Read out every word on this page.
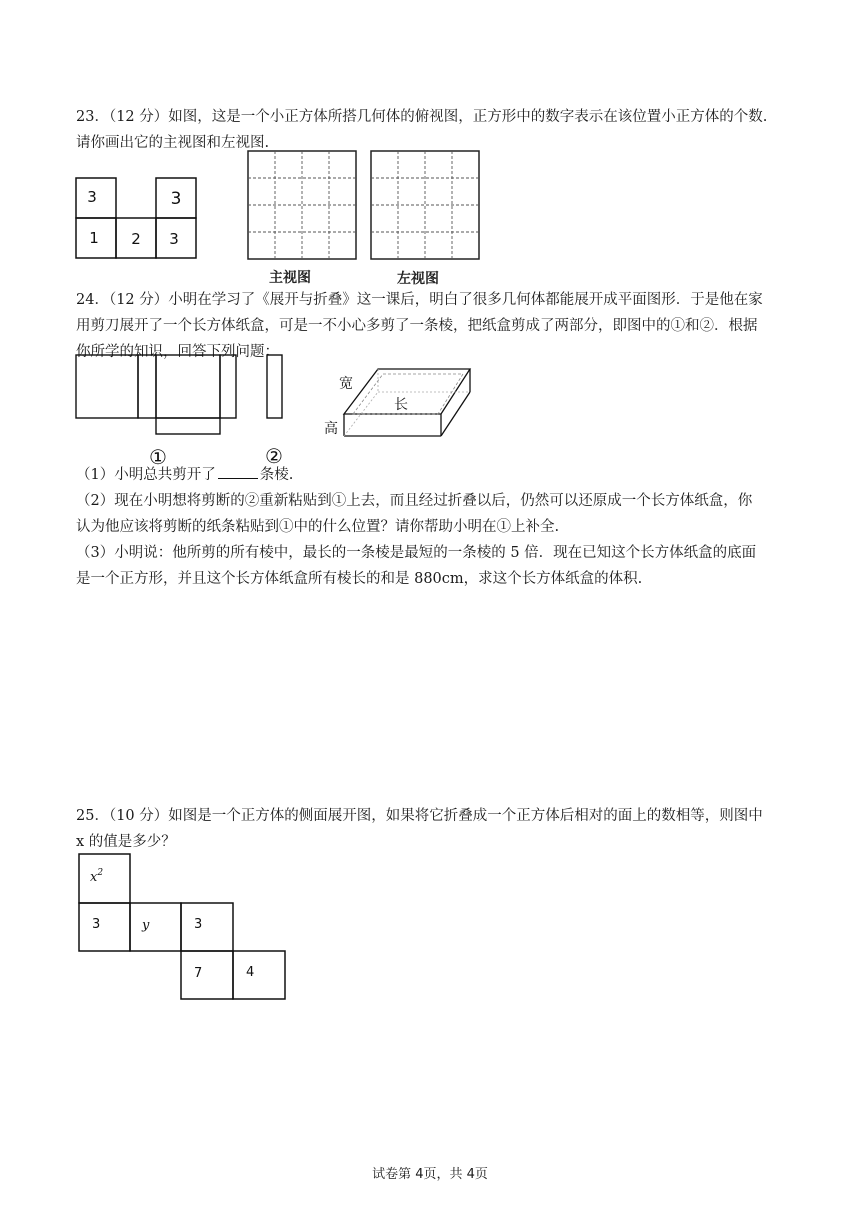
23．（12 分）如图，这是一个小正方体所搭几何体的俯视图，正方形中的数字表示在该位置小正方体的个数.
请你画出它的主视图和左视图.
3	3
1 2 3
主视图	左视图
24．（12 分）小明在学习了《展开与折叠》这一课后，明白了很多几何体都能展开成平面图形．于是他在家
用剪刀展开了一个长方体纸盒，可是一不小心多剪了一条棱，把纸盒剪成了两部分，即图中的①和②．根据
你所学的知识，回答下列问题：
①	②
宽
长
高
（1）小明总共剪开了	条棱.
（2）现在小明想将剪断的②重新粘贴到①上去，而且经过折叠以后，仍然可以还原成一个长方体纸盒，你
认为他应该将剪断的纸条粘贴到①中的什么位置？请你帮助小明在①上补全.
（3）小明说：他所剪的所有棱中，最长的一条棱是最短的一条棱的 5 倍．现在已知这个长方体纸盒的底面
是一个正方形，并且这个长方体纸盒所有棱长的和是 880cm，求这个长方体纸盒的体积.
25．（10 分）如图是一个正方体的侧面展开图，如果将它折叠成一个正方体后相对的面上的数相等，则图中
x 的值是多少？
$x^2$
3	y	3
7	4
试卷第 4页，共 4页
